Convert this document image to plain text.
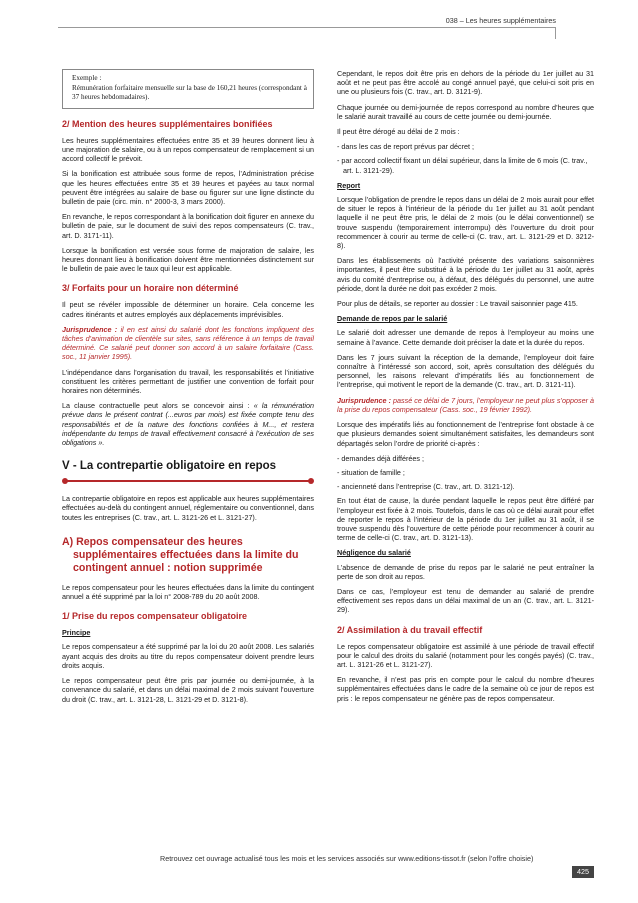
038 – Les heures supplémentaires
Exemple :
Rémunération forfaitaire mensuelle sur la base de 160,21 heures (correspondant à 37 heures hebdomadaires).
2/ Mention des heures supplémentaires bonifiées

Les heures supplémentaires effectuées entre 35 et 39 heures donnent lieu à une majoration de salaire, ou à un repos compensateur de remplacement si un accord collectif le prévoit.

Si la bonification est attribuée sous forme de repos, l’Administration précise que les heures effectuées entre 35 et 39 heures et payées au taux normal peuvent être intégrées au salaire de base ou figurer sur une ligne distincte du bulletin de paie (circ. min. n° 2000-3, 3 mars 2000).

En revanche, le repos correspondant à la bonification doit figurer en annexe du bulletin de paie, sur le document de suivi des repos compensateurs (C. trav., art. D. 3171-11).

Lorsque la bonification est versée sous forme de majoration de salaire, les heures donnant lieu à bonification doivent être mentionnées distinctement sur le bulletin de paie avec le taux qui leur est applicable.

3/ Forfaits pour un horaire non déterminé

Il peut se révéler impossible de déterminer un horaire. Cela concerne les cadres itinérants et autres employés aux déplacements imprévisibles.

Jurisprudence : il en est ainsi du salarié dont les fonctions impliquent des tâches d’animation de clientèle sur sites, sans référence à un temps de travail déterminé. Ce salarié peut donner son accord à un salaire forfaitaire (Cass. soc., 11 janvier 1995).

L’indépendance dans l’organisation du travail, les responsabilités et l’initiative constituent les critères permettant de justifier une convention de forfait pour horaires non déterminés.

La clause contractuelle peut alors se concevoir ainsi : « la rémunération prévue dans le présent contrat (...euros par mois) est fixée compte tenu des responsabilités et de la nature des fonctions confiées à M..., et restera indépendante du temps de travail effectivement consacré à l’exécution de ses obligations ».

V - La contrepartie obligatoire en repos

La contrepartie obligatoire en repos est applicable aux heures supplémentaires effectuées au-delà du contingent annuel, réglementaire ou conventionnel, dans toutes les entreprises (C. trav., art. L. 3121-26 et L. 3121-27).

A) Repos compensateur des heures supplémentaires effectuées dans la limite du contingent annuel : notion supprimée

Le repos compensateur pour les heures effectuées dans la limite du contingent annuel a été supprimé par la loi n° 2008-789 du 20 août 2008.

1/ Prise du repos compensateur obligatoire
Principe

Le repos compensateur a été supprimé par la loi du 20 août 2008. Les salariés ayant acquis des droits au titre du repos compensateur doivent prendre leurs droits acquis.

Le repos compensateur peut être pris par journée ou demi-journée, à la convenance du salarié, et dans un délai maximal de 2 mois suivant l’ouverture du droit (C. trav., art. L. 3121-28, L. 3121-29 et D. 3121-8).

Cependant, le repos doit être pris en dehors de la période du 1er juillet au 31 août et ne peut pas être accolé au congé annuel payé, que celui-ci soit pris en une ou plusieurs fois (C. trav., art. D. 3121-9).

Chaque journée ou demi-journée de repos correspond au nombre d’heures que le salarié aurait travaillé au cours de cette journée ou demi-journée.

Il peut être dérogé au délai de 2 mois :

- dans les cas de report prévus par décret ;
- par accord collectif fixant un délai supérieur, dans la limite de 6 mois (C. trav., art. L. 3121-29).
Report

Lorsque l’obligation de prendre le repos dans un délai de 2 mois aurait pour effet de situer le repos à l’intérieur de la période du 1er juillet au 31 août pendant laquelle il ne peut être pris, le délai de 2 mois (ou le délai conventionnel) se trouve suspendu (temporairement interrompu) dès l’ouverture du droit pour recommencer à courir au terme de celle-ci (C. trav., art. L. 3121-29 et D. 3212-8).

Dans les établissements où l’activité présente des variations saisonnières importantes, il peut être substitué à la période du 1er juillet au 31 août, après avis du comité d’entreprise ou, à défaut, des délégués du personnel, une autre période, dont la durée ne doit pas excéder 2 mois.

Pour plus de détails, se reporter au dossier : Le travail saisonnier page 415.

Demande de repos par le salarié

Le salarié doit adresser une demande de repos à l’employeur au moins une semaine à l’avance. Cette demande doit préciser la date et la durée du repos.

Dans les 7 jours suivant la réception de la demande, l’employeur doit faire connaître à l’intéressé son accord, soit, après consultation des délégués du personnel, les raisons relevant d’impératifs liés au fonctionnement de l’entreprise, qui motivent le report de la demande (C. trav., art. D. 3121-11).

Jurisprudence : passé ce délai de 7 jours, l’employeur ne peut plus s’opposer à la prise du repos compensateur (Cass. soc., 19 février 1992).

Lorsque des impératifs liés au fonctionnement de l’entreprise font obstacle à ce que plusieurs demandes soient simultanément satisfaites, les demandeurs sont départagés selon l’ordre de priorité ci-après :

- demandes déjà différées ;
- situation de famille ;
- ancienneté dans l’entreprise (C. trav., art. D. 3121-12).

En tout état de cause, la durée pendant laquelle le repos peut être différé par l’employeur est fixée à 2 mois. Toutefois, dans le cas où ce délai aurait pour effet de reporter le repos à l’intérieur de la période du 1er juillet au 31 août, il se trouve suspendu dès l’ouverture de cette période pour recommencer à courir au terme de celle-ci (C. trav., art. D. 3121-13).

Négligence du salarié

L’absence de demande de prise du repos par le salarié ne peut entraîner la perte de son droit au repos.

Dans ce cas, l’employeur est tenu de demander au salarié de prendre effectivement ses repos dans un délai maximal de un an (C. trav., art. L. 3121-29).

2/ Assimilation à du travail effectif

Le repos compensateur obligatoire est assimilé à une période de travail effectif pour le calcul des droits du salarié (notamment pour les congés payés) (C. trav., art. L. 3121-26 et L. 3121-27).

En revanche, il n’est pas pris en compte pour le calcul du nombre d’heures supplémentaires effectuées dans le cadre de la semaine où ce jour de repos est pris : le repos compensateur ne génère pas de repos compensateur.

Retrouvez cet ouvrage actualisé tous les mois et les services associés sur www.editions-tissot.fr (selon l’offre choisie)
425
